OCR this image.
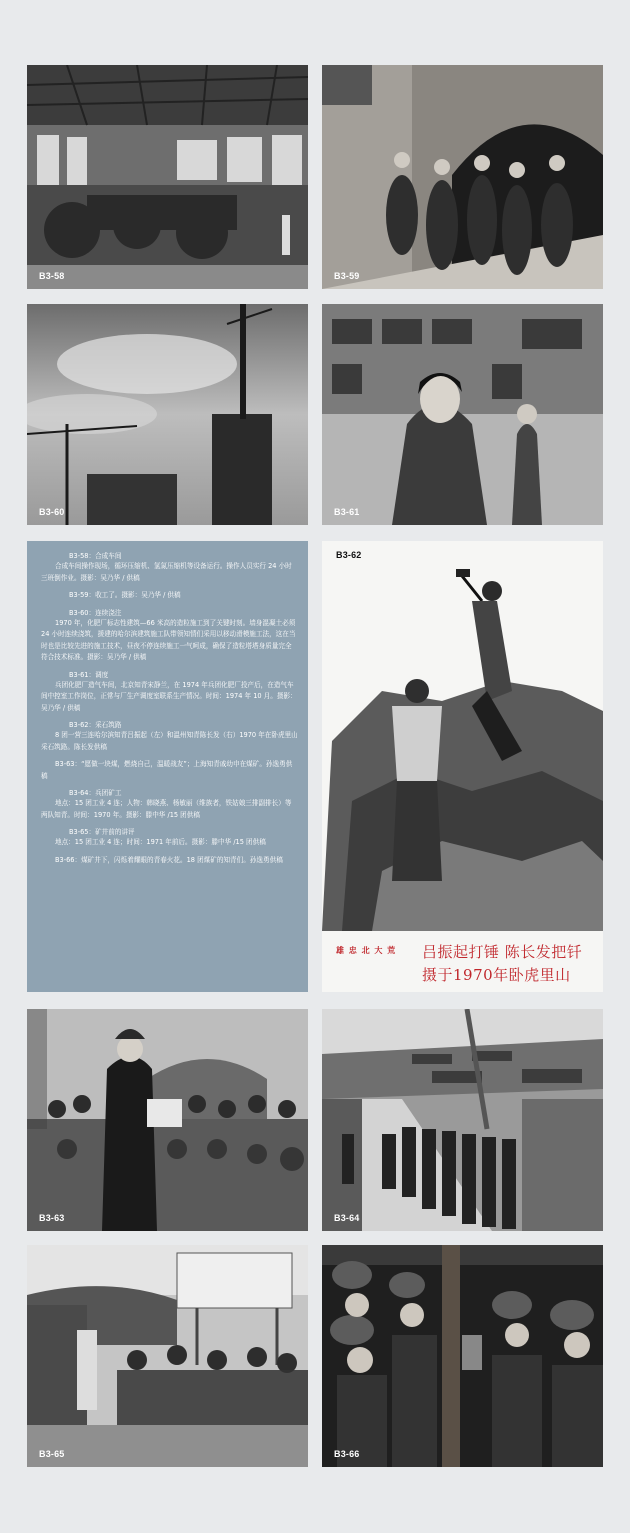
B3-58	B3-59
B3-60	B3-61
B3-58：合成车间
合成车间操作现场，循环压缩机、氢氮压缩机等设备运行。操作人员实行 24 小时三班倒作业。摄影：吴乃华 / 供稿
B3-59：收工了。摄影：吴乃华 / 供稿
B3-60：连续浇注
1970 年，化肥厂标志性建筑—66 米高的造粒施工到了关键时刻。墙身混凝土必须 24 小时连续浇筑，援建的哈尔滨建筑施工队带领知情们采用以移动滑模施工法，这在当时也是比较先进的施工技术，昼夜不停连续施工一气呵成，确保了造粒塔塔身质量完全符合技术标准。摄影：吴乃华 / 供稿
B3-61：调度
兵团化肥厂造气车间，北京知青宋静兰，在 1974 年兵团化肥厂投产后，在造气车间中控室工作岗位，正常与厂生产调度室联系生产情况。时间：1974 年 10 月。摄影：吴乃华 / 供稿
B3-62：采石筑路
8 团一营三连哈尔滨知青吕振起（左）和温州知青陈长发（右）1970 年在卧虎里山采石筑路。陈长发供稿
B3-63：“愿做一块煤，燃烧自己，温暖战友”；上海知青戚幼申在煤矿。孙逸勇供稿
B3-64：兵团矿工
地点：15 团工业 4 连；人物：韩晓燕、杨敏丽（维族者，铁姑娘三排副排长）等两队知青。时间：1970 年。摄影：滕中华 /15 团供稿
B3-65：矿井前的讲评
地点：15 团工业 4 连；时间：1971 年前后。摄影：滕中华 /15 团供稿
B3-66：煤矿井下，闪烁着耀眼的青春火花。18 团煤矿的知青们。孙逸勇供稿
B3-62
雄 忠 北 大 荒 吕振起打锤 陈长发把钎
摄于1970年卧虎里山
B3-63	B3-64
B3-65	B3-66
